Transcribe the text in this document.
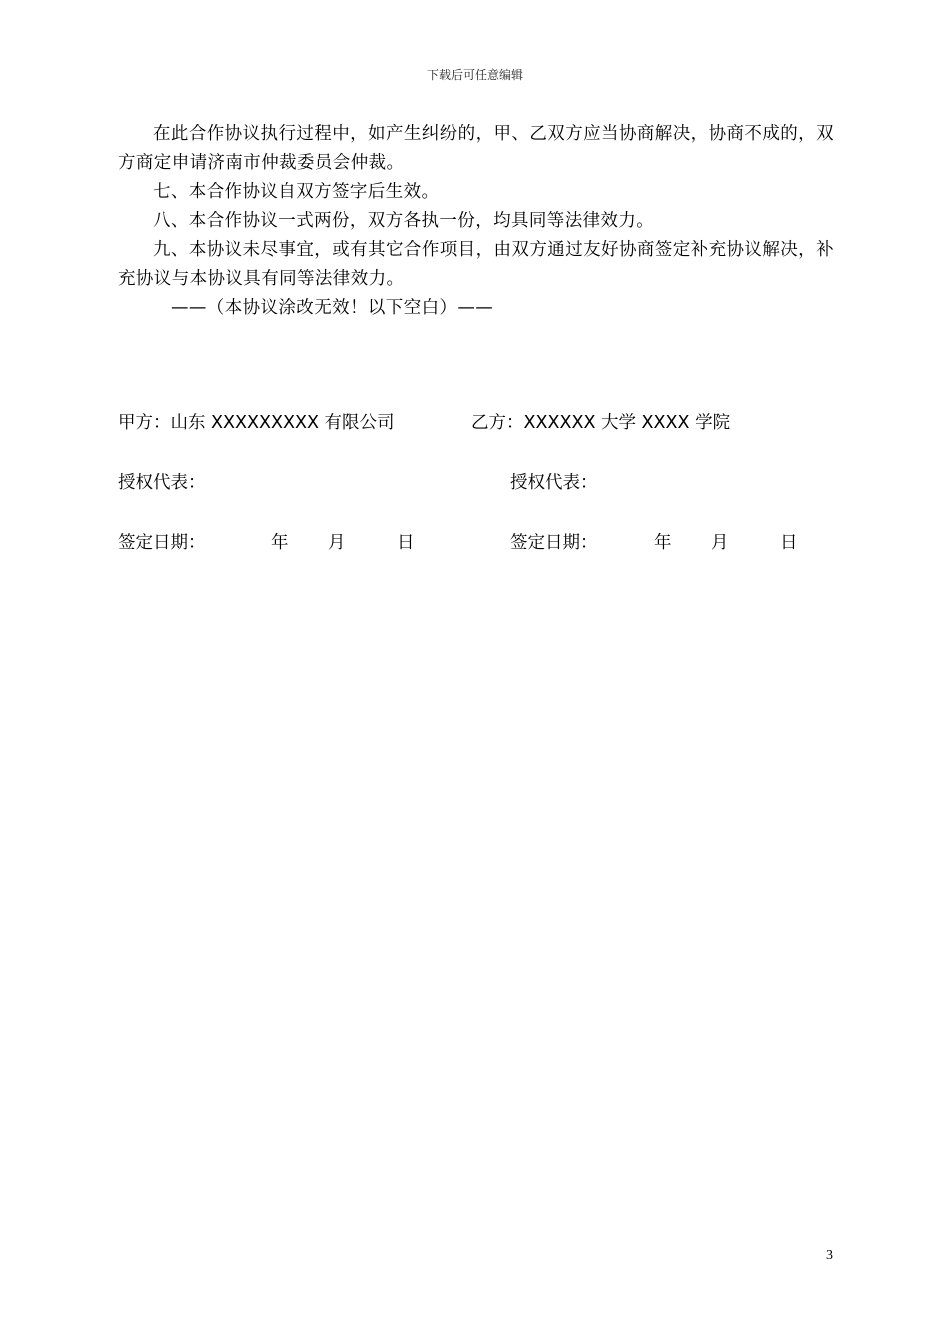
下载后可任意编辑

在此合作协议执行过程中，如产生纠纷的，甲、乙双方应当协商解决，协商不成的，双方商定申请济南市仲裁委员会仲裁。

七、本合作协议自双方签字后生效。

八、本合作协议一式两份，双方各执一份，均具同等法律效力。

九、本协议未尽事宜，或有其它合作项目，由双方通过友好协商签定补充协议解决，补充协议与本协议具有同等法律效力。

——（本协议涂改无效！以下空白）——

甲方：山东 XXXXXXXXX 有限公司	乙方：XXXXXX 大学 XXXX 学院
授权代表：	授权代表：
签定日期：	年 月	日	签定日期：	年 月	日
3
